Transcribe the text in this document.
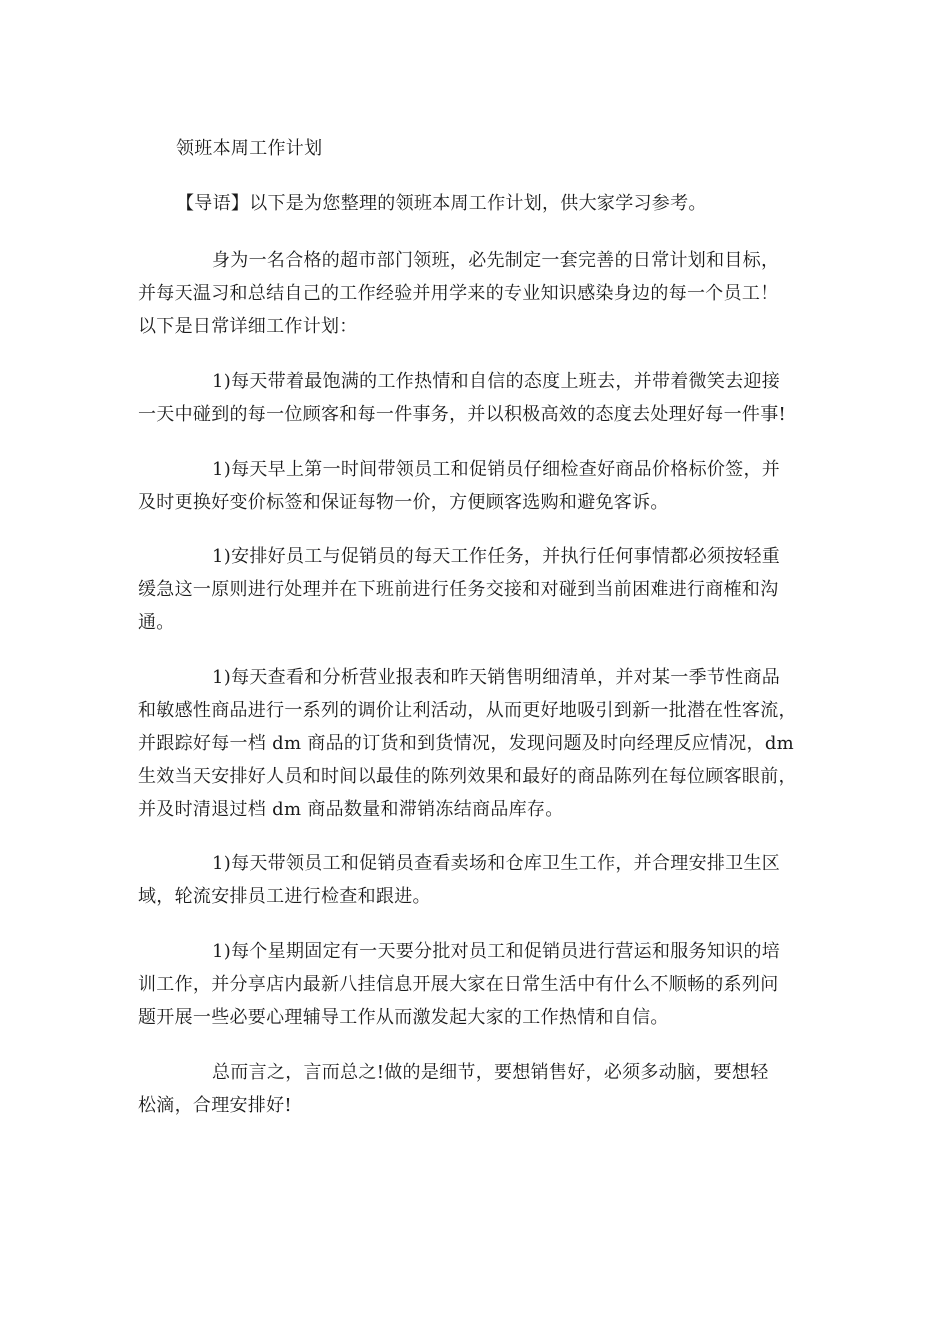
领班本周工作计划
【导语】以下是为您整理的领班本周工作计划，供大家学习参考。
身为一名合格的超市部门领班，必先制定一套完善的日常计划和目标，
并每天温习和总结自己的工作经验并用学来的专业知识感染身边的每一个员工！
以下是日常详细工作计划：
1)每天带着最饱满的工作热情和自信的态度上班去，并带着微笑去迎接
一天中碰到的每一位顾客和每一件事务，并以积极高效的态度去处理好每一件事!
1)每天早上第一时间带领员工和促销员仔细检查好商品价格标价签，并
及时更换好变价标签和保证每物一价，方便顾客选购和避免客诉。
1)安排好员工与促销员的每天工作任务，并执行任何事情都必须按轻重
缓急这一原则进行处理并在下班前进行任务交接和对碰到当前困难进行商榷和沟
通。
1)每天查看和分析营业报表和昨天销售明细清单，并对某一季节性商品
和敏感性商品进行一系列的调价让利活动，从而更好地吸引到新一批潜在性客流，
并跟踪好每一档 dm 商品的订货和到货情况，发现问题及时向经理反应情况，dm
生效当天安排好人员和时间以最佳的陈列效果和最好的商品陈列在每位顾客眼前，
并及时清退过档 dm 商品数量和滞销冻结商品库存。
1)每天带领员工和促销员查看卖场和仓库卫生工作，并合理安排卫生区
域，轮流安排员工进行检查和跟进。
1)每个星期固定有一天要分批对员工和促销员进行营运和服务知识的培
训工作，并分享店内最新八挂信息开展大家在日常生活中有什么不顺畅的系列问
题开展一些必要心理辅导工作从而激发起大家的工作热情和自信。
总而言之，言而总之!做的是细节，要想销售好，必须多动脑，要想轻
松滴，合理安排好!
